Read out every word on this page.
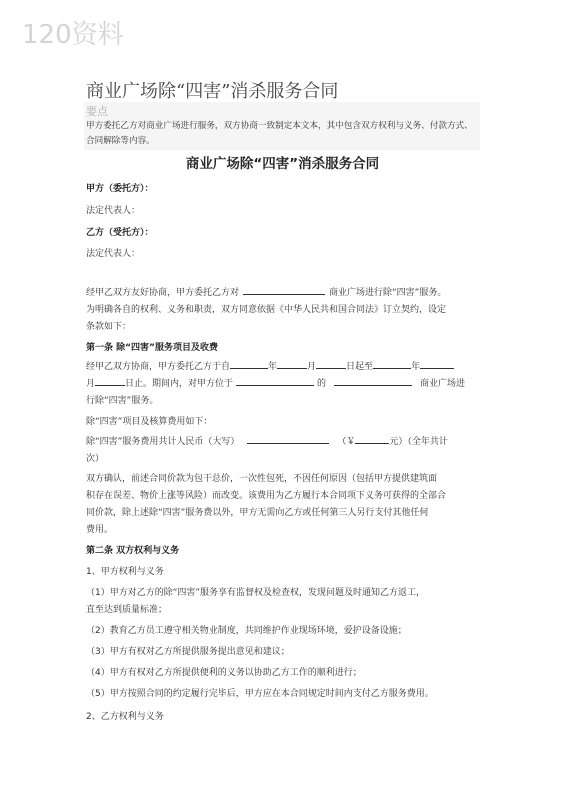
120资料
商业广场除“四害”消杀服务合同
要点
甲方委托乙方对商业广场进行服务，双方协商一致制定本文本，其中包含双方权利与义务、付款方式、合同解除等内容。
商业广场除“四害”消杀服务合同
甲方（委托方）：
法定代表人：
乙方（受托方）：
法定代表人：
经甲乙双方友好协商，甲方委托乙方对	商业广场进行除“四害”服务。
为明确各自的权利、义务和职责，双方同意依据《中华人民共和国合同法》订立契约，设定
条款如下：
第一条 除“四害”服务项目及收费
经甲乙双方协商，甲方委托乙方于自	年	月	日起至	年
月	日止。期间内，对甲方位于	的	商业广场进
行除“四害”服务。
除“四害”项目及核算费用如下：
除“四害”服务费用共计人民币（大写）	（￥	元）（全年共计
次）
双方确认，前述合同价款为包干总价，一次性包死，不因任何原因（包括甲方提供建筑面
积存在误差、物价上涨等风险）而改变。该费用为乙方履行本合同项下义务可获得的全部合
同价款，除上述除“四害”服务费以外，甲方无需向乙方或任何第三人另行支付其他任何
费用。
第二条 双方权利与义务
1、甲方权利与义务
（1）甲方对乙方的除“四害”服务享有监督权及检查权，发现问题及时通知乙方返工，
直至达到质量标准；
（2）教育乙方员工遵守相关物业制度，共同维护作业现场环境，爱护设备设施；
（3）甲方有权对乙方所提供服务提出意见和建议；
（4）甲方有权对乙方所提供便利的义务以协助乙方工作的顺利进行；
（5）甲方按照合同的约定履行完毕后，甲方应在本合同规定时间内支付乙方服务费用。
2、乙方权利与义务
